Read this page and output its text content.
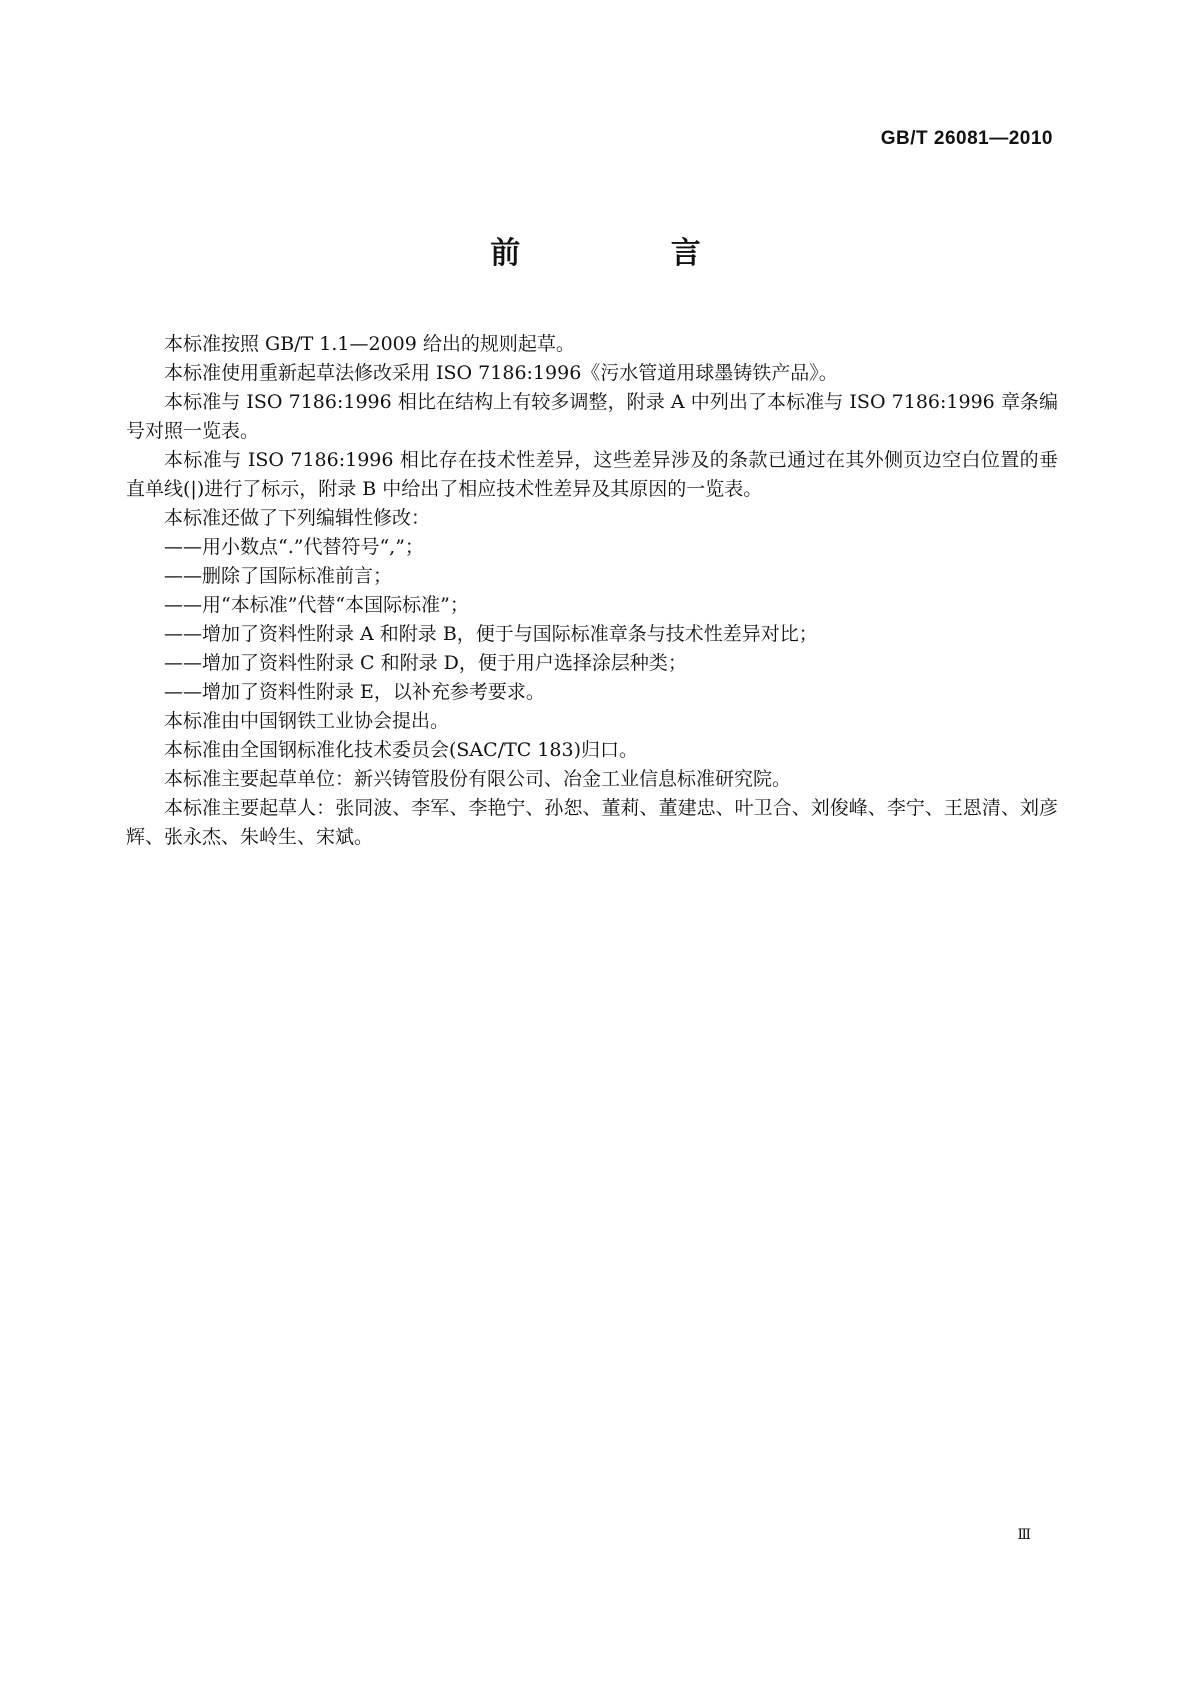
GB/T 26081—2010
前 言

本标准按照 GB/T 1.1—2009 给出的规则起草。

本标准使用重新起草法修改采用 ISO 7186:1996《污水管道用球墨铸铁产品》。

本标准与 ISO 7186:1996 相比在结构上有较多调整，附录 A 中列出了本标准与 ISO 7186:1996 章条编号对照一览表。

本标准与 ISO 7186:1996 相比存在技术性差异，这些差异涉及的条款已通过在其外侧页边空白位置的垂直单线(|)进行了标示，附录 B 中给出了相应技术性差异及其原因的一览表。

本标准还做了下列编辑性修改：

——用小数点“.”代替符号“,”；

——删除了国际标准前言；

——用“本标准”代替“本国际标准”；

——增加了资料性附录 A 和附录 B，便于与国际标准章条与技术性差异对比；

——增加了资料性附录 C 和附录 D，便于用户选择涂层种类；

——增加了资料性附录 E，以补充参考要求。

本标准由中国钢铁工业协会提出。

本标准由全国钢标准化技术委员会(SAC/TC 183)归口。

本标准主要起草单位：新兴铸管股份有限公司、冶金工业信息标准研究院。

本标准主要起草人：张同波、李军、李艳宁、孙恕、董莉、董建忠、叶卫合、刘俊峰、李宁、王恩清、刘彦辉、张永杰、朱岭生、宋斌。

Ⅲ
